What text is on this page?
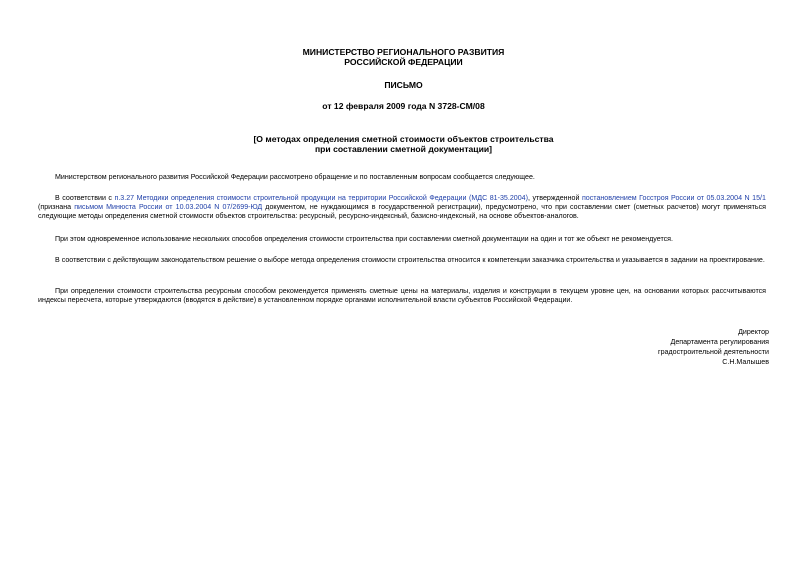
МИНИСТЕРСТВО РЕГИОНАЛЬНОГО РАЗВИТИЯ
РОССИЙСКОЙ ФЕДЕРАЦИИ
ПИСЬМО
от 12 февраля 2009 года N 3728-СМ/08
[О методах определения сметной стоимости объектов строительства
при составлении сметной документации]

Министерством регионального развития Российской Федерации рассмотрено обращение и по поставленным вопросам сообщается следующее.

В соответствии с п.3.27 Методики определения стоимости строительной продукции на территории Российской Федерации (МДС 81-35.2004), утвержденной постановлением Госстроя России от 05.03.2004 N 15/1 (признана письмом Минюста России от 10.03.2004 N 07/2699-ЮД документом, не нуждающимся в государственной регистрации), предусмотрено, что при составлении смет (сметных расчетов) могут применяться следующие методы определения сметной стоимости объектов строительства: ресурсный, ресурсно-индексный, базисно-индексный, на основе объектов-аналогов.

При этом одновременное использование нескольких способов определения стоимости строительства при составлении сметной документации на один и тот же объект не рекомендуется.

В соответствии с действующим законодательством решение о выборе метода определения стоимости строительства относится к компетенции заказчика строительства и указывается в задании на проектирование.

При определении стоимости строительства ресурсным способом рекомендуется применять сметные цены на материалы, изделия и конструкции в текущем уровне цен, на основании которых рассчитываются индексы пересчета, которые утверждаются (вводятся в действие) в установленном порядке органами исполнительной власти субъектов Российской Федерации.

Директор
Департамента регулирования
градостроительной деятельности
С.Н.Малышев
